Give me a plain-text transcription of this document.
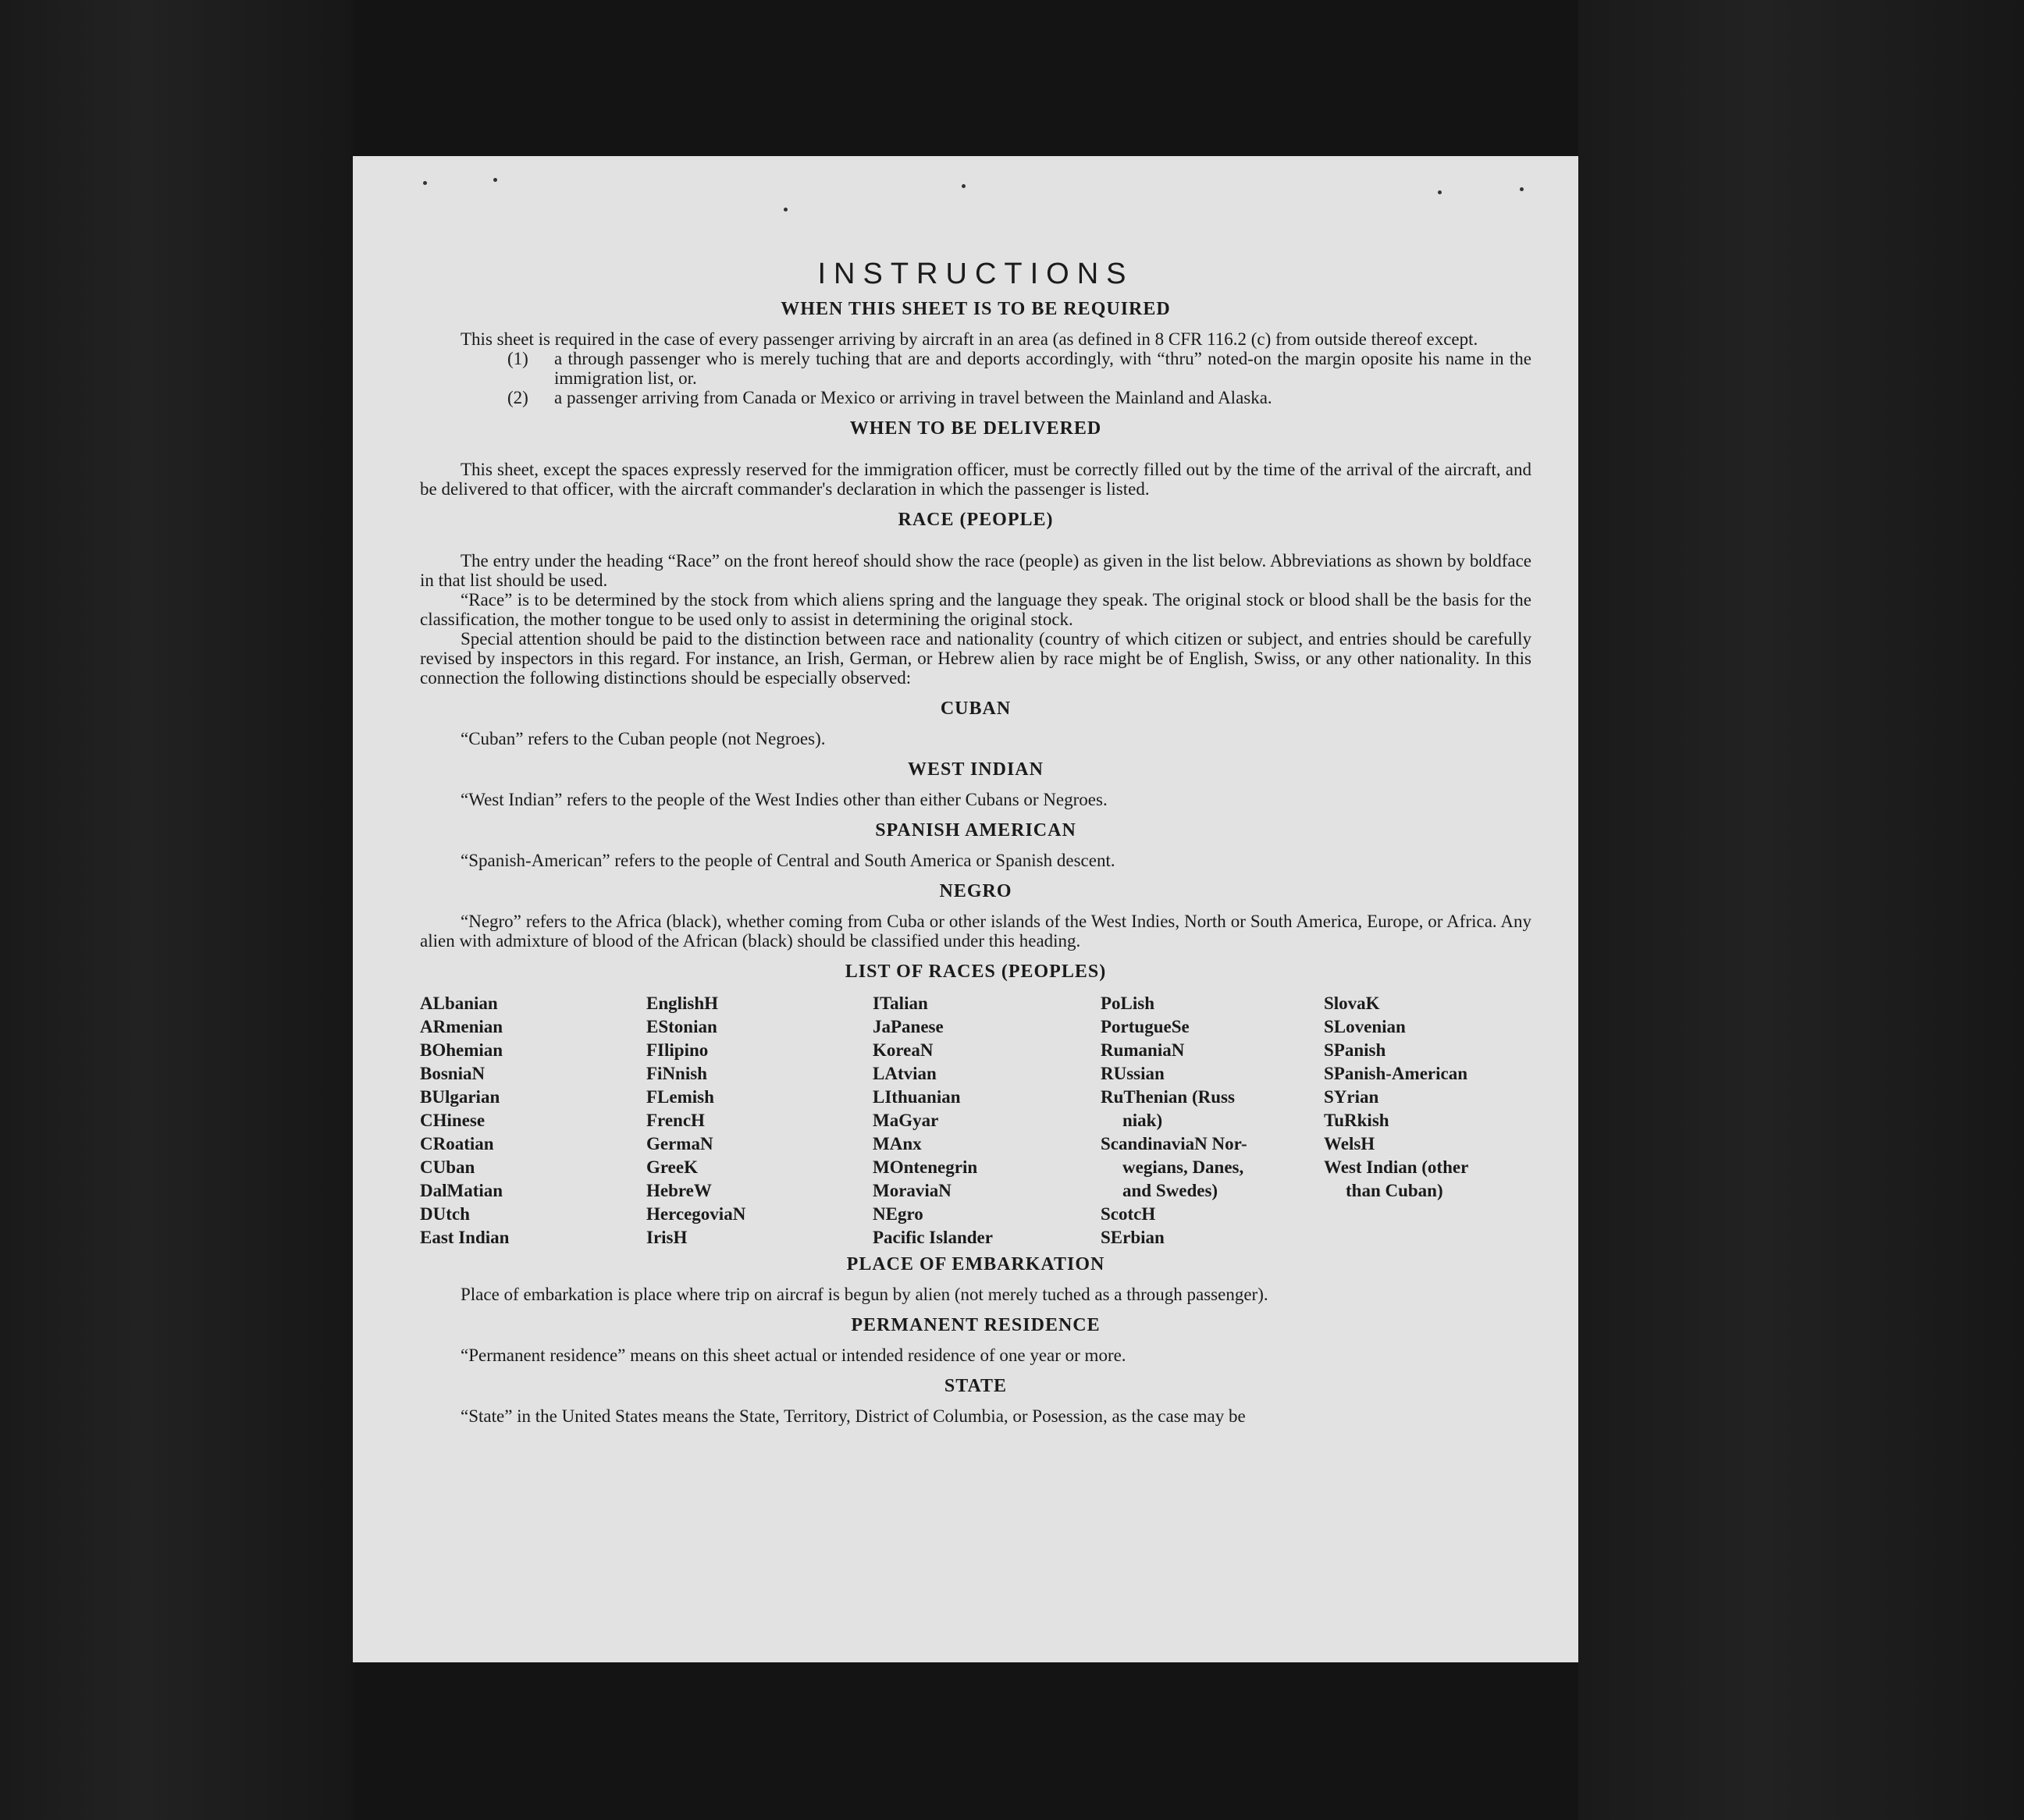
INSTRUCTIONS
WHEN THIS SHEET IS TO BE REQUIRED

This sheet is required in the case of every passenger arriving by aircraft in an area (as defined in 8 CFR 116.2 (c) from outside thereof except.

(1) a through passenger who is merely tuching that are and deports accordingly, with “thru” noted-on the margin oposite his name in the immigration list, or.

(2) a passenger arriving from Canada or Mexico or arriving in travel between the Mainland and Alaska.

WHEN TO BE DELIVERED

This sheet, except the spaces expressly reserved for the immigration officer, must be correctly filled out by the time of the arrival of the aircraft, and be delivered to that officer, with the aircraft commander's declaration in which the passenger is listed.

RACE (PEOPLE)

The entry under the heading “Race” on the front hereof should show the race (people) as given in the list below. Abbreviations as shown by boldface in that list should be used.

“Race” is to be determined by the stock from which aliens spring and the language they speak. The original stock or blood shall be the basis for the classification, the mother tongue to be used only to assist in determining the original stock.

Special attention should be paid to the distinction between race and nationality (country of which citizen or subject, and entries should be carefully revised by inspectors in this regard. For instance, an Irish, German, or Hebrew alien by race might be of English, Swiss, or any other nationality. In this connection the following distinctions should be especially observed:

CUBAN

“Cuban” refers to the Cuban people (not Negroes).

WEST INDIAN

“West Indian” refers to the people of the West Indies other than either Cubans or Negroes.

SPANISH AMERICAN

“Spanish-American” refers to the people of Central and South America or Spanish descent.

NEGRO

“Negro” refers to the Africa (black), whether coming from Cuba or other islands of the West Indies, North or South America, Europe, or Africa. Any alien with admixture of blood of the African (black) should be classified under this heading.

LIST OF RACES (PEOPLES)
ALbanian
ARmenian
BOhemian
BosniaN
BUlgarian
CHinese
CRoatian
CUban
DalMatian
DUtch
East Indian
EnglishH
EStonian
FIlipino
FiNnish
FLemish
FrencH
GermaN
GreeK
HebreW
HercegoviaN
IrisH
ITalian
JaPanese
KoreaN
LAtvian
LIthuanian
MaGyar
MAnx
MOntenegrin
MoraviaN
NEgro
Pacific Islander
PoLish
PortugueSe
RumaniaN
RUssian
RuThenian (Russ
niak)
ScandinaviaN Nor-
wegians, Danes,
and Swedes)
ScotcH
SErbian
SlovaK
SLovenian
SPanish
SPanish-American
SYrian
TuRkish
WelsH
West Indian (other
than Cuban)
PLACE OF EMBARKATION

Place of embarkation is place where trip on aircraf is begun by alien (not merely tuched as a through passenger).

PERMANENT RESIDENCE

“Permanent residence” means on this sheet actual or intended residence of one year or more.

STATE

“State” in the United States means the State, Territory, District of Columbia, or Posession, as the case may be
